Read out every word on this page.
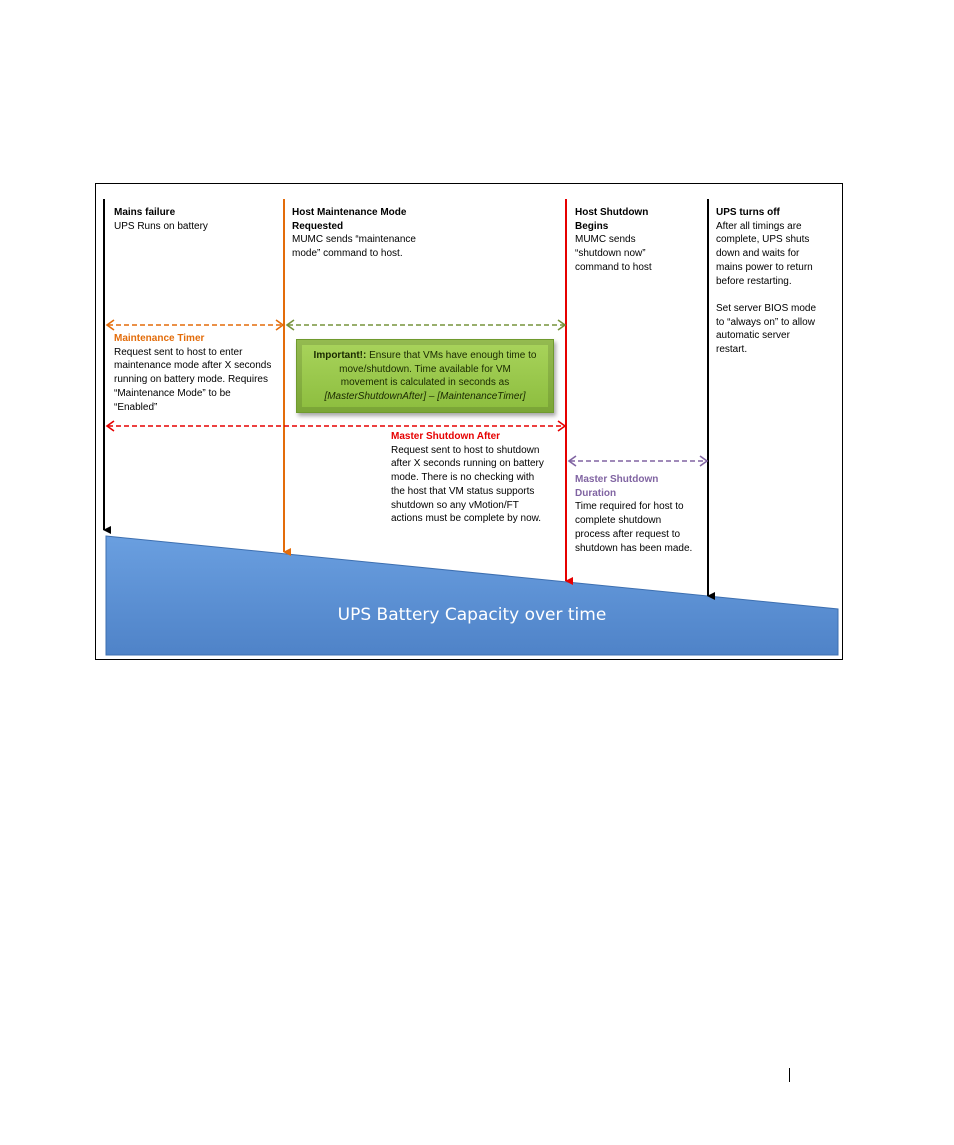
Mains failure
UPS Runs on battery
Host Maintenance Mode
Requested
MUMC sends “maintenance
mode” command to host.
Host Shutdown
Begins
MUMC sends
“shutdown now”
command to host
UPS turns off
After all timings are
complete, UPS shuts
down and waits for
mains power to return
before restarting.
Set server BIOS mode
to “always on” to allow
automatic server
restart.
Maintenance Timer
Request sent to host to enter
maintenance mode after X seconds
running on battery mode. Requires
“Maintenance Mode” to be
“Enabled”
Master Shutdown After
Request sent to host to shutdown
after X seconds running on battery
mode. There is no checking with
the host that VM status supports
shutdown so any vMotion/FT
actions must be complete by now.
Master Shutdown
Duration
Time required for host to
complete shutdown
process after request to
shutdown has been made.
Important!: Ensure that VMs have enough time to
move/shutdown. Time available for VM
movement is calculated in seconds as
[MasterShutdownAfter] – [MaintenanceTimer]
UPS Battery Capacity over time
